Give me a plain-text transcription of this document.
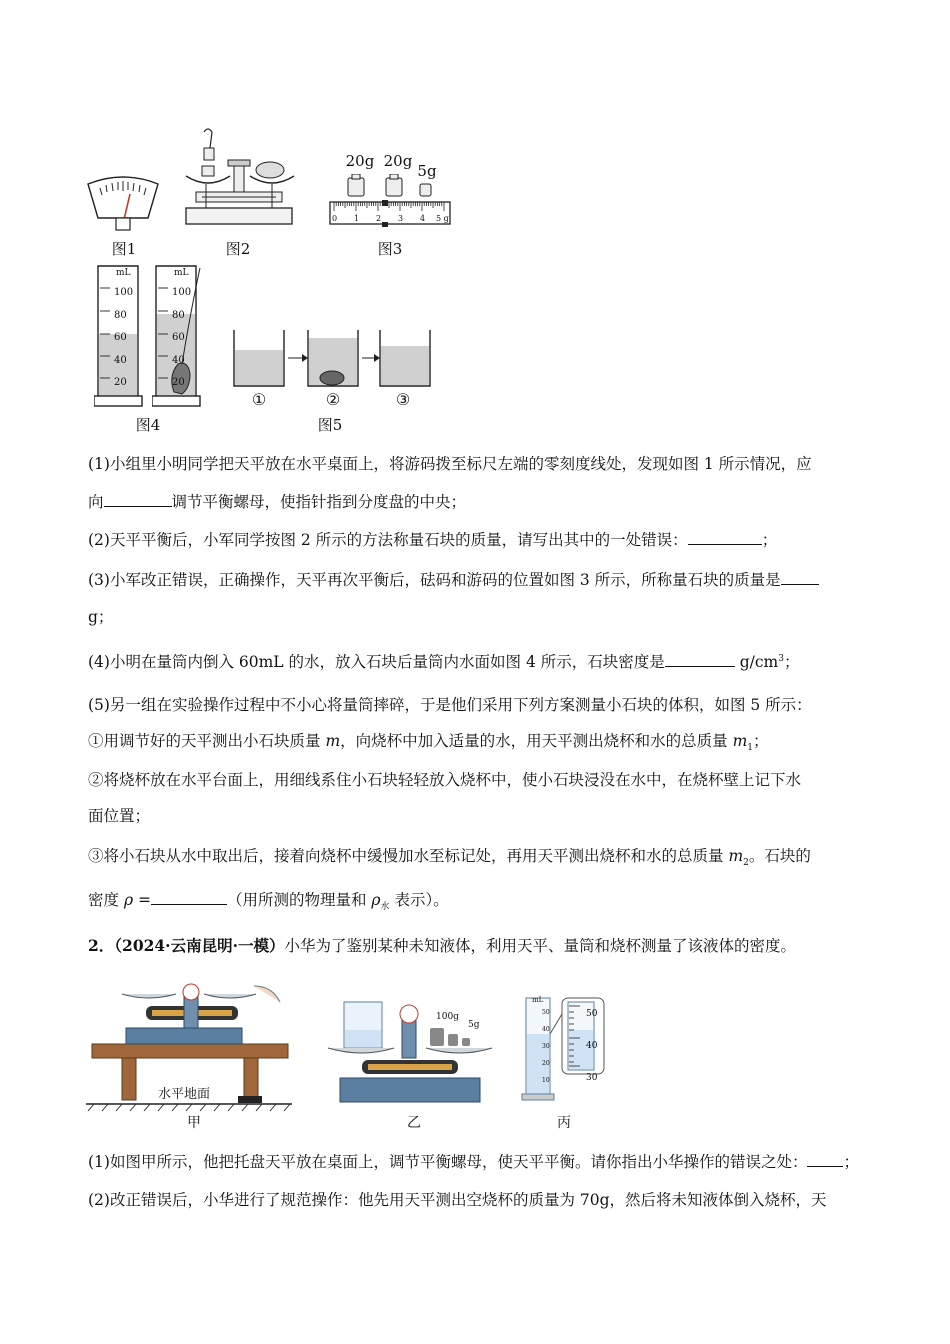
图1	图2
20g 20g
5g
0 1 2 3 4 5 g
图3
mL	mL
100
80
60
40
20
100
80
60
40
20
图4
①	②	③
图5
(1)小组里小明同学把天平放在水平桌面上，将游码拨至标尺左端的零刻度线处，发现如图 1 所示情况，应
向	调节平衡螺母，使指针指到分度盘的中央；
(2)天平平衡后，小军同学按图 2 所示的方法称量石块的质量，请写出其中的一处错误：	；
(3)小军改正错误，正确操作，天平再次平衡后，砝码和游码的位置如图 3 所示，所称量石块的质量是
g；
(4)小明在量筒内倒入 60mL 的水，放入石块后量筒内水面如图 4 所示，石块密度是	$g/cm^3$；
(5)另一组在实验操作过程中不小心将量筒摔碎，于是他们采用下列方案测量小石块的体积，如图 5 所示：
①用调节好的天平测出小石块质量 m，向烧杯中加入适量的水，用天平测出烧杯和水的总质量 $m_1$；
②将烧杯放在水平台面上，用细线系住小石块轻轻放入烧杯中，使小石块浸没在水中，在烧杯壁上记下水
面位置；
③将小石块从水中取出后，接着向烧杯中缓慢加水至标记处，再用天平测出烧杯和水的总质量 $m_2$。石块的
密度 ρ =	（用所测的物理量和 $\rho_水$ 表示）。
2．（2024·云南昆明·一模）小华为了鉴别某种未知液体，利用天平、量筒和烧杯测量了该液体的密度。
水平地面
甲
100g
5g
乙
mL
50
40
30
20
10
50
40
30
丙
(1)如图甲所示，他把托盘天平放在桌面上，调节平衡螺母，使天平平衡。请你指出小华操作的错误之处： ；
(2)改正错误后，小华进行了规范操作：他先用天平测出空烧杯的质量为 70g，然后将未知液体倒入烧杯，天
